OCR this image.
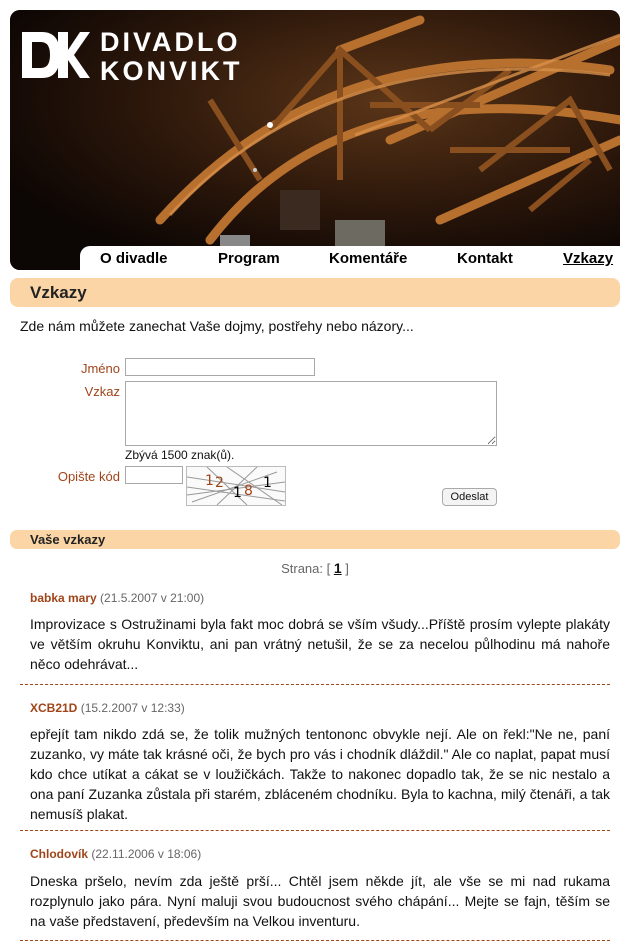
DIVADLO
KONVIKT
O divadle	Program	Komentáře	Kontakt	Vzkazy
Vzkazy
Zde nám můžete zanechat Vaše dojmy, postřehy nebo názory...
Jméno
Vzkaz
Zbývá 1500 znak(ů).
Opište kód	1 2
1 8 1
Odeslat
Vaše vzkazy
Strana: [ 1 ]
babka mary (21.5.2007 v 21:00)
Improvizace s Ostružinami byla fakt moc dobrá se vším všudy...Příště prosím vylepte plakáty ve větším okruhu Konviktu, ani pan vrátný netušil, že se za necelou půlhodinu má nahoře něco odehrávat...
XCB21D (15.2.2007 v 12:33)
epřejít tam nikdo zdá se, že tolik mužných tentononc obvykle nejí. Ale on řekl:"Ne ne, paní zuzanko, vy máte tak krásné oči, že bych pro vás i chodník dláždil." Ale co naplat, papat musí kdo chce utíkat a cákat se v loužičkách. Takže to nakonec dopadlo tak, že se nic nestalo a ona paní Zuzanka zůstala při starém, zbláceném chodníku. Byla to kachna, milý čtenáři, a tak nemusíš plakat.
Chlodovík (22.11.2006 v 18:06)
Dneska pršelo, nevím zda ještě prší... Chtěl jsem někde jít, ale vše se mi nad rukama rozplynulo jako pára. Nyní maluji svou budoucnost svého chápání... Mejte se fajn, těším se na vaše představení, především na Velkou inventuru.
